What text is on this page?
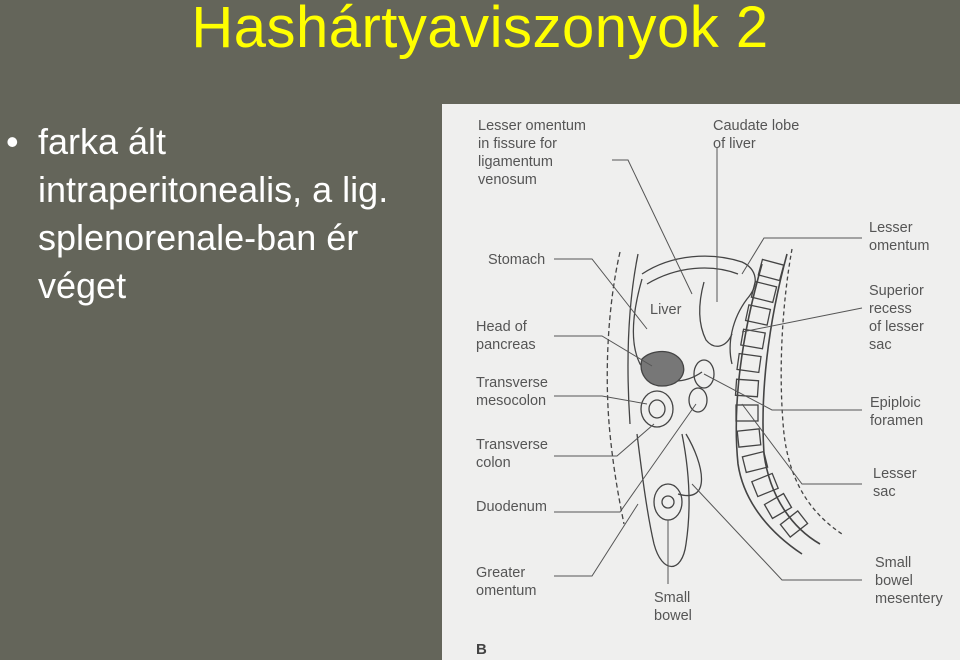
Hashártyaviszonyok 2
• farka ált
intraperitonealis, a lig.
splenorenale-ban ér
véget
Lesser omentum in fissure for ligamentum venosum
Caudate lobe of liver
Lesser omentum
Stomach
Liver
Superior recess of lesser sac
Head of pancreas
Transverse mesocolon	Epiploic foramen
Transverse colon
Lesser sac
Duodenum
Greater omentum	Small bowel
Small bowel mesentery
B
